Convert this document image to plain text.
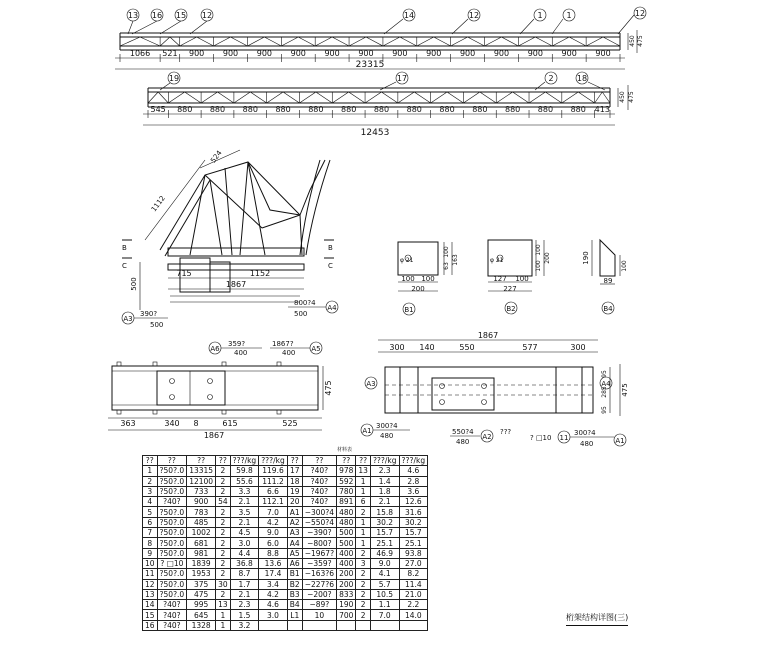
1066 521 900 900 900 900 900 900 900 900 900 900 900 900 900
23315
450 475
13 16 15 12	14	12	1	1	12
545 880 880 880 880 880 880 880 880 880 880 880 880 880 413
12453
450 475
19	17	2	18
1112
524
715	1152
1867
500
B
C
B
C
A3
390?
500
A4
800?4
500
φ 21
100 100
200
100
63
163
B1
φ 21
127 100
227
100
100
200
B2
190
100
89
B4
475
363	340 8	615	525
1867
A6
359?
400	A5
1867?
400
1867
300 140	550	577	300
95
285
95
475
A3	A4
A1
300?4
480	550?4
480
A2
???
? □10 11
300?4
480	A1
材料表
??	??	??	??	???/kg	???/kg	??	??	??	??	???/kg	???/kg
1	?50?.0	13315	2	59.8	119.6	17	?40?	978	13	2.3	4.6
2	?50?.0	12100	2	55.6	111.2	18	?40?	592	1	1.4	2.8
3	?50?.0	733	2	3.3	6.6	19	?40?	780	1	1.8	3.6
4	?40?	900	54	2.1	112.1	20	?40?	891	6	2.1	12.6
5	?50?.0	783	2	3.5	7.0	A1	−300?4	480	2	15.8	31.6
6	?50?.0	485	2	2.1	4.2	A2	−550?4	480	1	30.2	30.2
7	?50?.0	1002	2	4.5	9.0	A3	−390?	500	1	15.7	15.7
8	?50?.0	681	2	3.0	6.0	A4	−800?	500	1	25.1	25.1
9	?50?.0	981	2	4.4	8.8	A5	−1967?	400	2	46.9	93.8
10	? □10	1839	2	36.8	13.6	A6	−359?	400	3	9.0	27.0
11	?50?.0	1953	2	8.7	17.4	B1	−163?6	200	2	4.1	8.2
12	?50?.0	375	30	1.7	3.4	B2	−227?6	200	2	5.7	11.4
13	?50?.0	475	2	2.1	4.2	B3	−200?	833	2	10.5	21.0
14	?40?	995	13	2.3	4.6	B4	−89?	190	2	1.1	2.2
15	?40?	645	1	1.5	3.0	L1	10	700	2	7.0	14.0
16	?40?	1328	1	3.2							
桁架结构详图(三)
